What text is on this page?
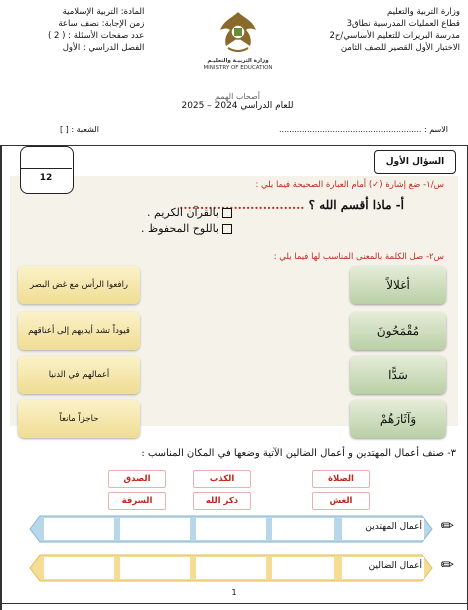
وزارة التربية والتعليم
قطاع العمليات المدرسية نطاق3
مدرسة البريرات للتعليم الأساسي/ح2
الاختبار الأول القصير للصف الثامن
المادة: التربية الإسلامية
زمن الإجابة: نصف ساعة
عدد صفحات الأسئلة : ( 2 )
الفصل الدراسي : الأول
وزارة التربيـة والتعليـم
MINISTRY OF EDUCATION
أصحاب الهمم
للعام الدراسي 2024 – 2025
الاسم : ........................................................
الشعبة : [ ]
12
السؤال الأول
س/١- ضع إشارة (✓) أمام العبارة الصحيحة فيما يلي :
أ- ماذا أقسم الله ؟ ..............................
بالقرآن الكريم .
باللوح المحفوظ .
س٢- صل الكلمة بالمعنى المناسب لها فيما يلي :
أغلالاً
مُقْمَحُونَ
سَدًّا
وَآثَارَهُمْ
رافعوا الرأس مع غض البصر
قيوداً تشد أيديهم إلى أعناقهم
أعمالهم في الدنيا
حاجزاً مانعاً
٣- صنف أعمال المهتدين و أعمال الضالين الآتية وضعها في المكان المناسب :
الصلاة
الكذب
الصدق
الغش
ذكر الله
السرقة
أعمال المهتدين ✏
أعمال الضالين ✏
1
